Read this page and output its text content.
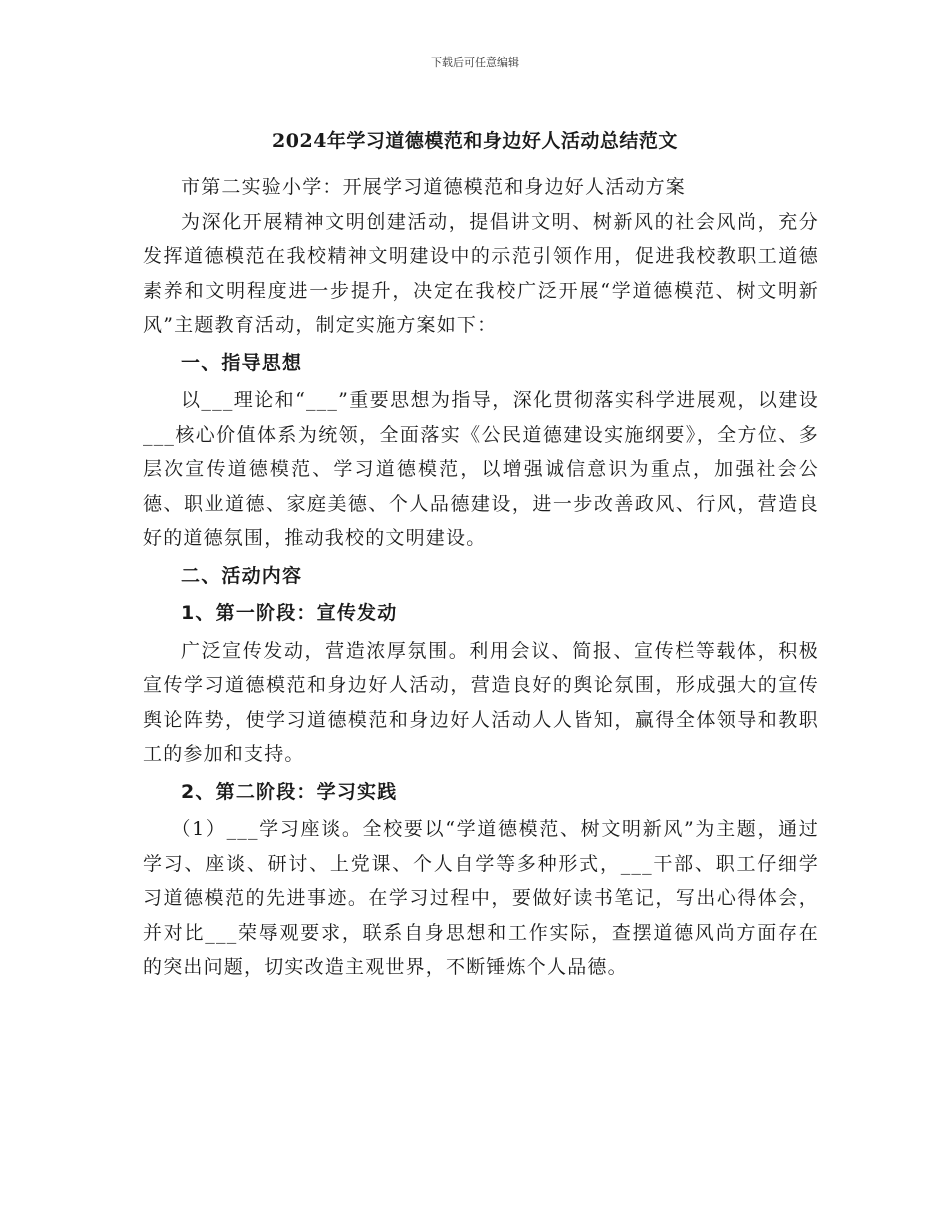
下载后可任意编辑
2024年学习道德模范和身边好人活动总结范文

市第二实验小学：开展学习道德模范和身边好人活动方案

为深化开展精神文明创建活动，提倡讲文明、树新风的社会风尚，充分发挥道德模范在我校精神文明建设中的示范引领作用，促进我校教职工道德素养和文明程度进一步提升，决定在我校广泛开展“学道德模范、树文明新风”主题教育活动，制定实施方案如下：

一、指导思想

以___理论和“___”重要思想为指导，深化贯彻落实科学进展观，以建设___核心价值体系为统领，全面落实《公民道德建设实施纲要》，全方位、多层次宣传道德模范、学习道德模范，以增强诚信意识为重点，加强社会公德、职业道德、家庭美德、个人品德建设，进一步改善政风、行风，营造良好的道德氛围，推动我校的文明建设。

二、活动内容

1、第一阶段：宣传发动

广泛宣传发动，营造浓厚氛围。利用会议、简报、宣传栏等载体，积极宣传学习道德模范和身边好人活动，营造良好的舆论氛围，形成强大的宣传舆论阵势，使学习道德模范和身边好人活动人人皆知，赢得全体领导和教职工的参加和支持。

2、第二阶段：学习实践

（1）___学习座谈。全校要以“学道德模范、树文明新风”为主题，通过学习、座谈、研讨、上党课、个人自学等多种形式，___干部、职工仔细学习道德模范的先进事迹。在学习过程中，要做好读书笔记，写出心得体会，并对比___荣辱观要求，联系自身思想和工作实际，查摆道德风尚方面存在的突出问题，切实改造主观世界，不断锤炼个人品德。
